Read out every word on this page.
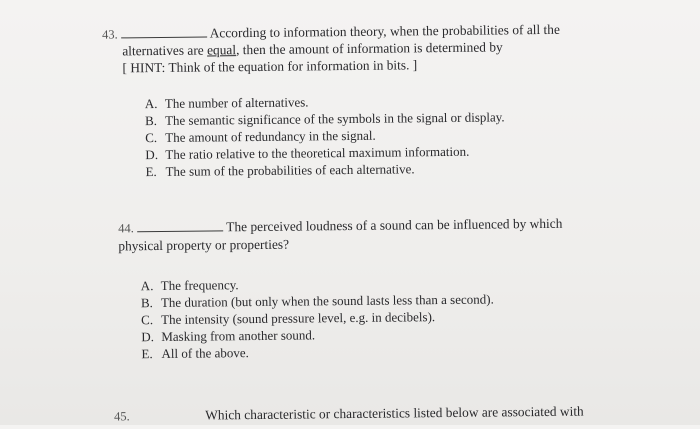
43.	According to information theory, when the probabilities of all the
alternatives are equal, then the amount of information is determined by
[ HINT: Think of the equation for information in bits. ]
A. The number of alternatives.
B. The semantic significance of the symbols in the signal or display.
C. The amount of redundancy in the signal.
D. The ratio relative to the theoretical maximum information.
E. The sum of the probabilities of each alternative.
44.	The perceived loudness of a sound can be influenced by which
physical property or properties?
A. The frequency.
B. The duration (but only when the sound lasts less than a second).
C. The intensity (sound pressure level, e.g. in decibels).
D. Masking from another sound.
E. All of the above.
45.	Which characteristic or characteristics listed below are associated with
